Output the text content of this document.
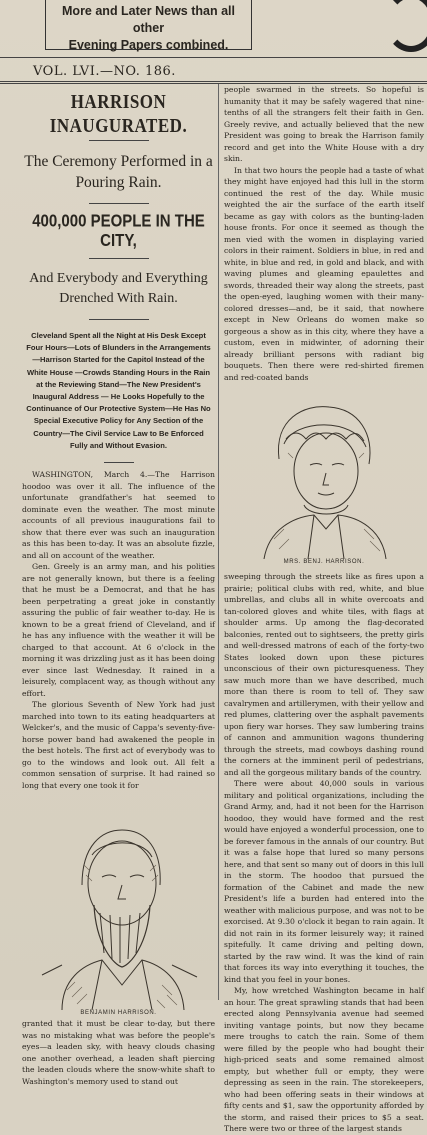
More and Later News than all other
Evening Papers combined.
VOL. LVI.—NO. 186.
HARRISON INAUGURATED.
The Ceremony Performed in a Pouring Rain.
400,000 PEOPLE IN THE CITY,
And Everybody and Everything Drenched With Rain.
Cleveland Spent all the Night at His Desk Except Four Hours—Lots of Blunders in the Arrangements—Harrison Started for the Capitol Instead of the White House —Crowds Standing Hours in the Rain at the Reviewing Stand—The New President's Inaugural Address — He Looks Hopefully to the Continuance of Our Protective System—He Has No Special Executive Policy for Any Section of the Country—The Civil Service Law to Be Enforced Fully and Without Evasion.

WASHINGTON, March 4.—The Harrison hoodoo was over it all. The influence of the unfortunate grandfather's hat seemed to dominate even the weather. The most minute accounts of all previous inaugurations fail to show that there ever was such an inauguration as this has been to-day. It was an absolute fizzle, and all on account of the weather.

Gen. Greely is an army man, and his polities are not generally known, but there is a feeling that he must be a Democrat, and that he has been perpetrating a great joke in constantly assuring the public of fair weather to-day. He is known to be a great friend of Cleveland, and if he has any influence with the weather it will be charged to that account. At 6 o'clock in the morning it was drizzling just as it has been doing ever since last Wednesday. It rained in a leisurely, complacent way, as though without any effort.

The glorious Seventh of New York had just marched into town to its eating headquarters at Welcker's, and the music of Cappa's seventy-five-horse power band had awakened the people in the best hotels. The first act of everybody was to go to the windows and look out. All felt a common sensation of surprise. It had rained so long that every one took it for

BENJAMIN HARRISON.

granted that it must be clear to-day, but there was no mistaking what was before the people's eyes—a leaden sky, with heavy clouds chasing one another overhead, a leaden shaft piercing the leaden clouds where the snow-white shaft to Washington's memory used to stand out

people swarmed in the streets. So hopeful is humanity that it may be safely wagered that nine-tenths of all the strangers felt their faith in Gen. Greely revive, and actually believed that the new President was going to break the Harrison family record and get into the White House with a dry skin.

In that two hours the people had a taste of what they might have enjoyed had this lull in the storm continued the rest of the day. While music weighted the air the surface of the earth itself became as gay with colors as the bunting-laden house fronts. For once it seemed as though the men vied with the women in displaying varied colors in their raiment. Soldiers in blue, in red and white, in blue and red, in gold and black, and with waving plumes and gleaming epaulettes and swords, threaded their way along the streets, past the open-eyed, laughing women with their many-colored dresses—and, be it said, that nowhere except in New Orleans do women make so gorgeous a show as in this city, where they have a custom, even in midwinter, of adorning their already brilliant persons with radiant big bouquets. Then there were red-shirted firemen and red-coated bands

MRS. BENJ. HARRISON.

sweeping through the streets like as fires upon a prairie; political clubs with red, white, and blue umbrellas, and clubs all in white overcoats and tan-colored gloves and white tiles, with flags at shoulder arms. Up among the flag-decorated balconies, rented out to sightseers, the pretty girls and well-dressed matrons of each of the forty-two States looked down upon these pictures unconscious of their own picturesqueness. They saw much more than we have described, much more than there is room to tell of. They saw cavalrymen and artillerymen, with their yellow and red plumes, clattering over the asphalt pavements upon fiery war horses. They saw lumbering trains of cannon and ammunition wagons thundering through the streets, mad cowboys dashing round the corners at the imminent peril of pedestrians, and all the gorgeous military bands of the country.

There were about 40,000 souls in various military and political organizations, including the Grand Army, and, had it not been for the Harrison hoodoo, they would have formed and the rest would have enjoyed a wonderful procession, one to be forever famous in the annals of our country. But it was a false hope that lured so many persons here, and that sent so many out of doors in this lull in the storm. The hoodoo that pursued the formation of the Cabinet and made the new President's life a burden had entered into the weather with malicious purpose, and was not to be exorcised. At 9.30 o'clock it began to rain again. It did not rain in its former leisurely way; it rained spitefully. It came driving and pelting down, started by the raw wind. It was the kind of rain that forces its way into everything it touches, the kind that you feel in your bones.

My, how wretched Washington became in half an hour. The great sprawling stands that had been erected along Pennsylvania avenue had seemed inviting vantage points, but now they became mere troughs to catch the rain. Some of them were filled by the people who had bought their high-priced seats and some remained almost empty, but whether full or empty, they were depressing as seen in the rain. The storekeepers, who had been offering seats in their windows at fifty cents and $1, saw the opportunity afforded by the storm, and raised their prices to $5 a seat. There were two or three of the largest stands
